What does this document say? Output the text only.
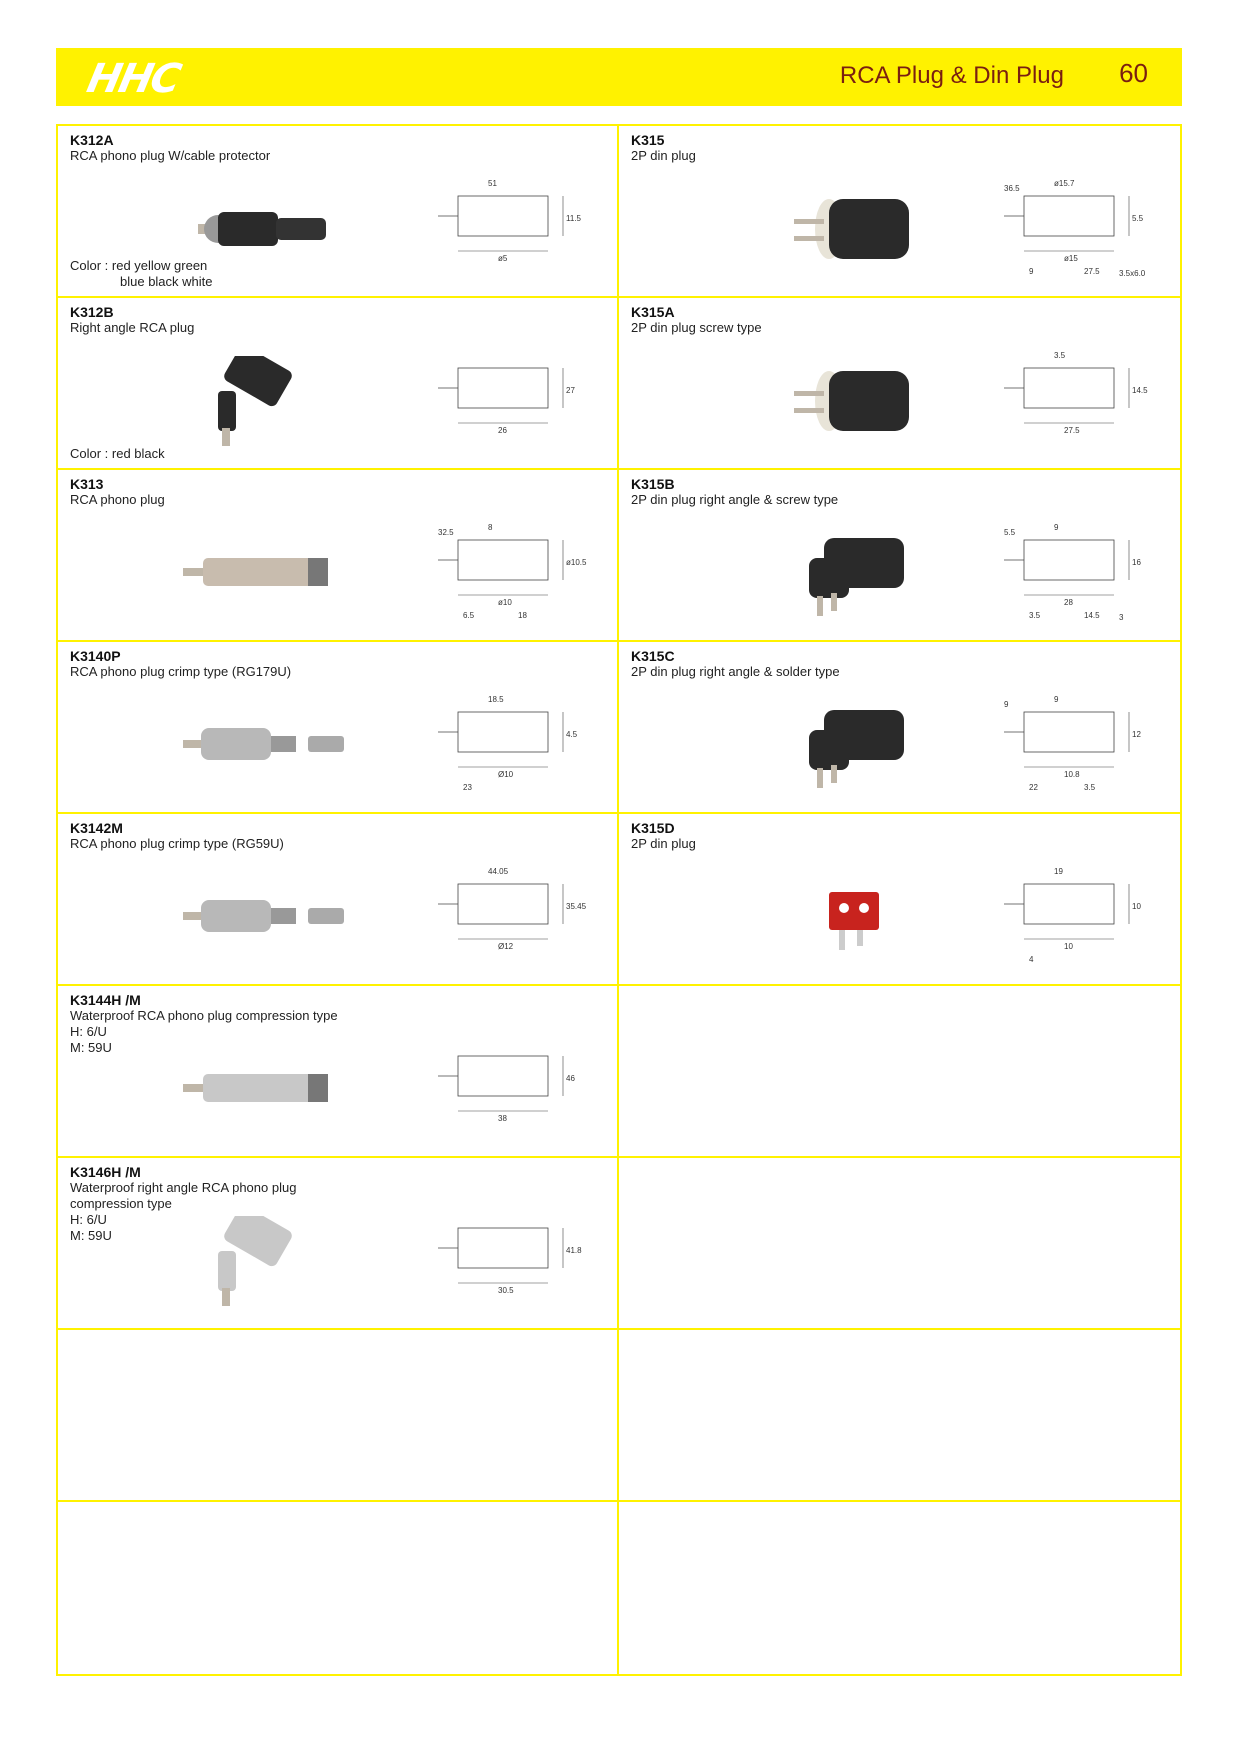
HHC	RCA Plug & Din Plug 60
K312A
RCA phono plug W/cable protector
ø5
11.5
51
Color : red yellow green
blue black white
K315
2P din plug
ø15
5.5
ø15.7
9	27.5
36.5
3.5x6.0
K312B
Right angle RCA plug
26
27
Color : red black
K315A
2P din plug screw type
27.5
14.5
3.5
K313
RCA phono plug
ø10
ø10.5
8
6.5	18
32.5
K315B
2P din plug right angle & screw type
28
16
9
3.5	14.5
5.5
3
K3140P
RCA phono plug crimp type (RG179U)
Ø10
4.5
18.5
23
K315C
2P din plug right angle & solder type
10.8
12
9
22	3.5
9
K3142M
RCA phono plug crimp type (RG59U)
Ø12
35.45
44.05
K315D
2P din plug
10
10
19
4
K3144H /M
Waterproof RCA phono plug compression type
H: 6/U
M: 59U
38
46
K3146H /M
Waterproof right angle RCA phono plug
compression type
H: 6/U
M: 59U
30.5
41.8
